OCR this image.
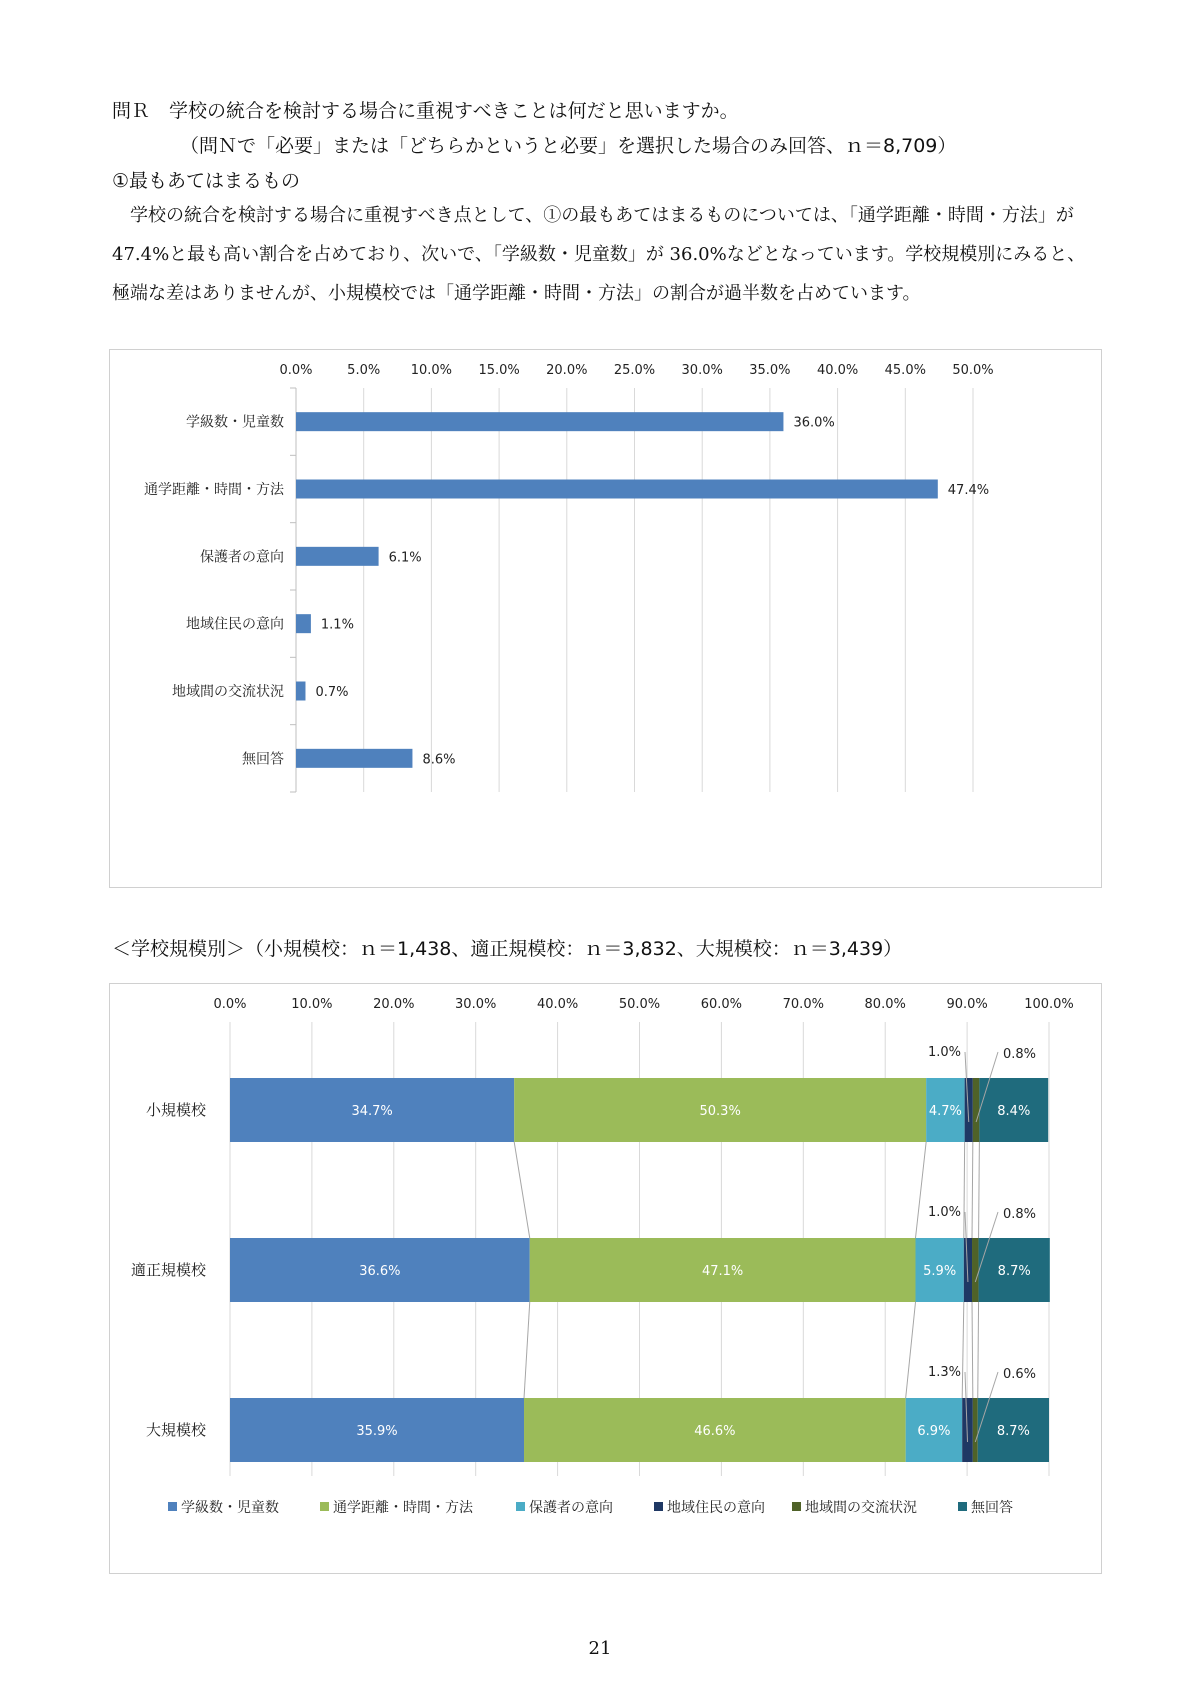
問Ｒ　学校の統合を検討する場合に重視すべきことは何だと思いますか。
（問Ｎで「必要」または「どちらかというと必要」を選択した場合のみ回答、ｎ＝8,709）
①最もあてはまるもの

学校の統合を検討する場合に重視すべき点として、①の最もあてはまるものについては、「通学距離・時間・方法」が 47.4%と最も高い割合を占めており、次いで、「学級数・児童数」が 36.0%などとなっています。学校規模別にみると、極端な差はありませんが、小規模校では「通学距離・時間・方法」の割合が過半数を占めています。

0.0%	5.0% 10.0% 15.0% 20.0% 25.0% 30.0% 35.0% 40.0% 45.0% 50.0%
学級数・児童数	36.0%
通学距離・時間・方法	47.4%
保護者の意向	6.1%
地域住民の意向	1.1%
地域間の交流状況 0.7%
無回答	8.6%
＜学校規模別＞（小規模校：ｎ＝1,438、適正規模校：ｎ＝3,832、大規模校：ｎ＝3,439）
0.0%	10.0%	20.0%	30.0%	40.0%	50.0%	60.0%	70.0%	80.0%	90.0%	100.0%
小規模校	34.7%	50.3%	4.7%	8.4%
1.0%	0.8%
適正規模校	36.6%	47.1%	5.9%	8.7%
1.0%	0.8%
大規模校	35.9%	46.6%	6.9%	8.7%
1.3%	0.6%
学級数・児童数	通学距離・時間・方法	保護者の意向	地域住民の意向	地域間の交流状況	無回答
21
